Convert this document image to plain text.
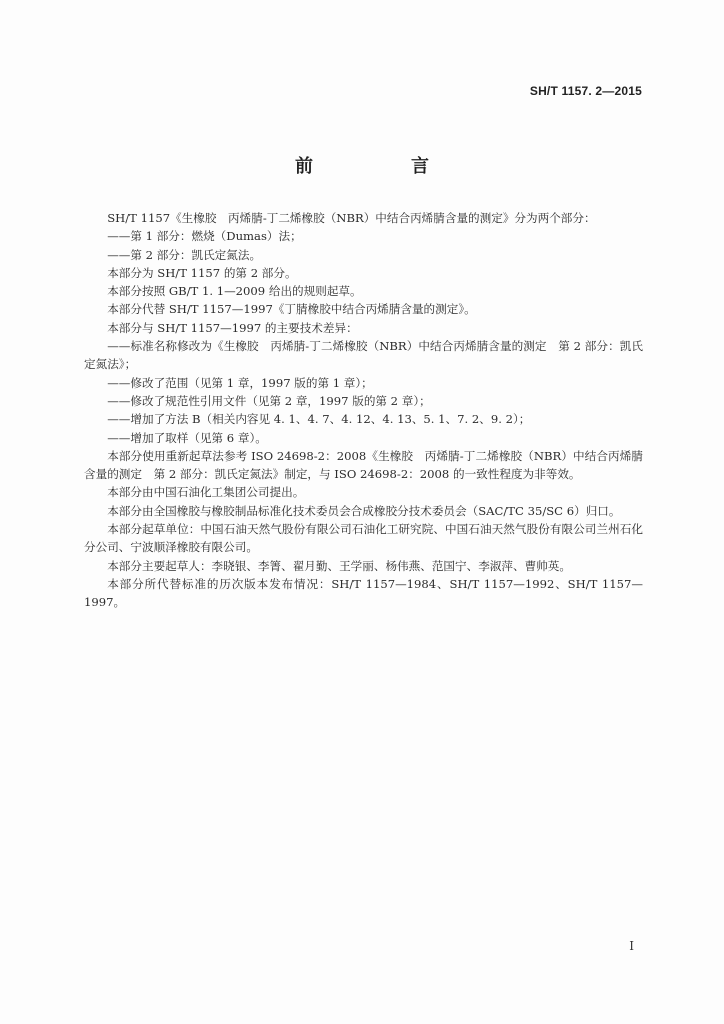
SH/T 1157. 2—2015
前　言

SH/T 1157《生橡胶　丙烯腈-丁二烯橡胶（NBR）中结合丙烯腈含量的测定》分为两个部分：

——第 1 部分：燃烧（Dumas）法；

——第 2 部分：凯氏定氮法。

本部分为 SH/T 1157 的第 2 部分。

本部分按照 GB/T 1. 1—2009 给出的规则起草。

本部分代替 SH/T 1157—1997《丁腈橡胶中结合丙烯腈含量的测定》。

本部分与 SH/T 1157—1997 的主要技术差异：

——标准名称修改为《生橡胶　丙烯腈-丁二烯橡胶（NBR）中结合丙烯腈含量的测定　第 2 部分：凯氏定氮法》；

——修改了范围（见第 1 章，1997 版的第 1 章）；

——修改了规范性引用文件（见第 2 章，1997 版的第 2 章）；

——增加了方法 B（相关内容见 4. 1、4. 7、4. 12、4. 13、5. 1、7. 2、9. 2）；

——增加了取样（见第 6 章）。

本部分使用重新起草法参考 ISO 24698-2：2008《生橡胶　丙烯腈-丁二烯橡胶（NBR）中结合丙烯腈含量的测定　第 2 部分：凯氏定氮法》制定，与 ISO 24698-2：2008 的一致性程度为非等效。

本部分由中国石油化工集团公司提出。

本部分由全国橡胶与橡胶制品标准化技术委员会合成橡胶分技术委员会（SAC/TC 35/SC 6）归口。

本部分起草单位：中国石油天然气股份有限公司石油化工研究院、中国石油天然气股份有限公司兰州石化分公司、宁波顺泽橡胶有限公司。

本部分主要起草人：李晓银、李箐、翟月勤、王学丽、杨伟燕、范国宁、李淑萍、曹帅英。

本部分所代替标准的历次版本发布情况：SH/T 1157—1984、SH/T 1157—1992、SH/T 1157—1997。

I
